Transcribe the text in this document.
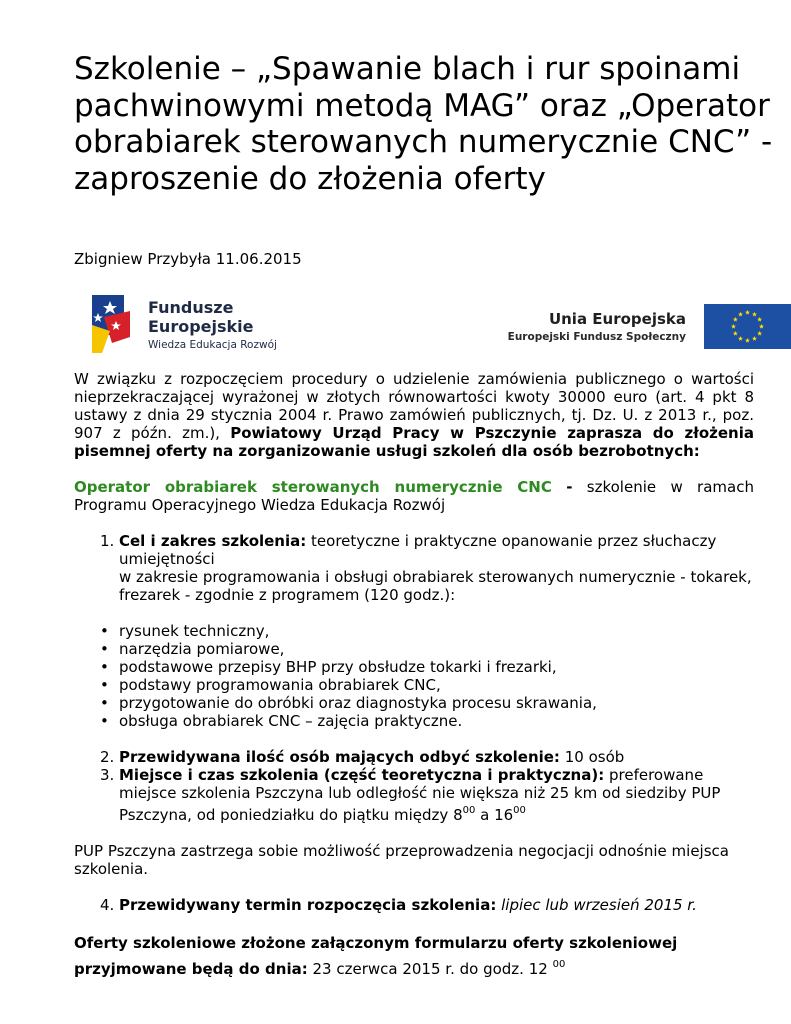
Szkolenie – „Spawanie blach i rur spoinami pachwinowymi metodą MAG” oraz „Operator obrabiarek sterowanych numerycznie CNC” - zaproszenie do złożenia oferty
Zbigniew Przybyła 11.06.2015
Fundusze
Europejskie
Wiedza Edukacja Rozwój
Unia Europejska
Europejski Fundusz Społeczny

W związku z rozpoczęciem procedury o udzielenie zamówienia publicznego o wartości nieprzekraczającej wyrażonej w złotych równowartości kwoty 30000 euro (art. 4 pkt 8 ustawy z dnia 29 stycznia 2004 r. Prawo zamówień publicznych, tj. Dz. U. z 2013 r., poz. 907 z późn. zm.), Powiatowy Urząd Pracy w Pszczynie zaprasza do złożenia pisemnej oferty na zorganizowanie usługi szkoleń dla osób bezrobotnych:

Operator obrabiarek sterowanych numerycznie CNC - szkolenie w ramach Programu Operacyjnego Wiedza Edukacja Rozwój

1. Cel i zakres szkolenia: teoretyczne i praktyczne opanowanie przez słuchaczy umiejętności
w zakresie programowania i obsługi obrabiarek sterowanych numerycznie - tokarek, frezarek - zgodnie z programem (120 godz.):
• rysunek techniczny,
• narzędzia pomiarowe,
• podstawowe przepisy BHP przy obsłudze tokarki i frezarki,
• podstawy programowania obrabiarek CNC,
• przygotowanie do obróbki oraz diagnostyka procesu skrawania,
• obsługa obrabiarek CNC – zajęcia praktyczne.
2. Przewidywana ilość osób mających odbyć szkolenie: 10 osób
3. Miejsce i czas szkolenia (część teoretyczna i praktyczna): preferowane miejsce szkolenia Pszczyna lub odległość nie większa niż 25 km od siedziby PUP Pszczyna, od poniedziałku do piątku między $8^{00}$ a $16^{00}$

PUP Pszczyna zastrzega sobie możliwość przeprowadzenia negocjacji odnośnie miejsca szkolenia.

4. Przewidywany termin rozpoczęcia szkolenia: lipiec lub wrzesień 2015 r.

Oferty szkoleniowe złożone załączonym formularzu oferty szkoleniowej przyjmowane będą do dnia: 23 czerwca 2015 r. do godz. 12 $^{00}$
